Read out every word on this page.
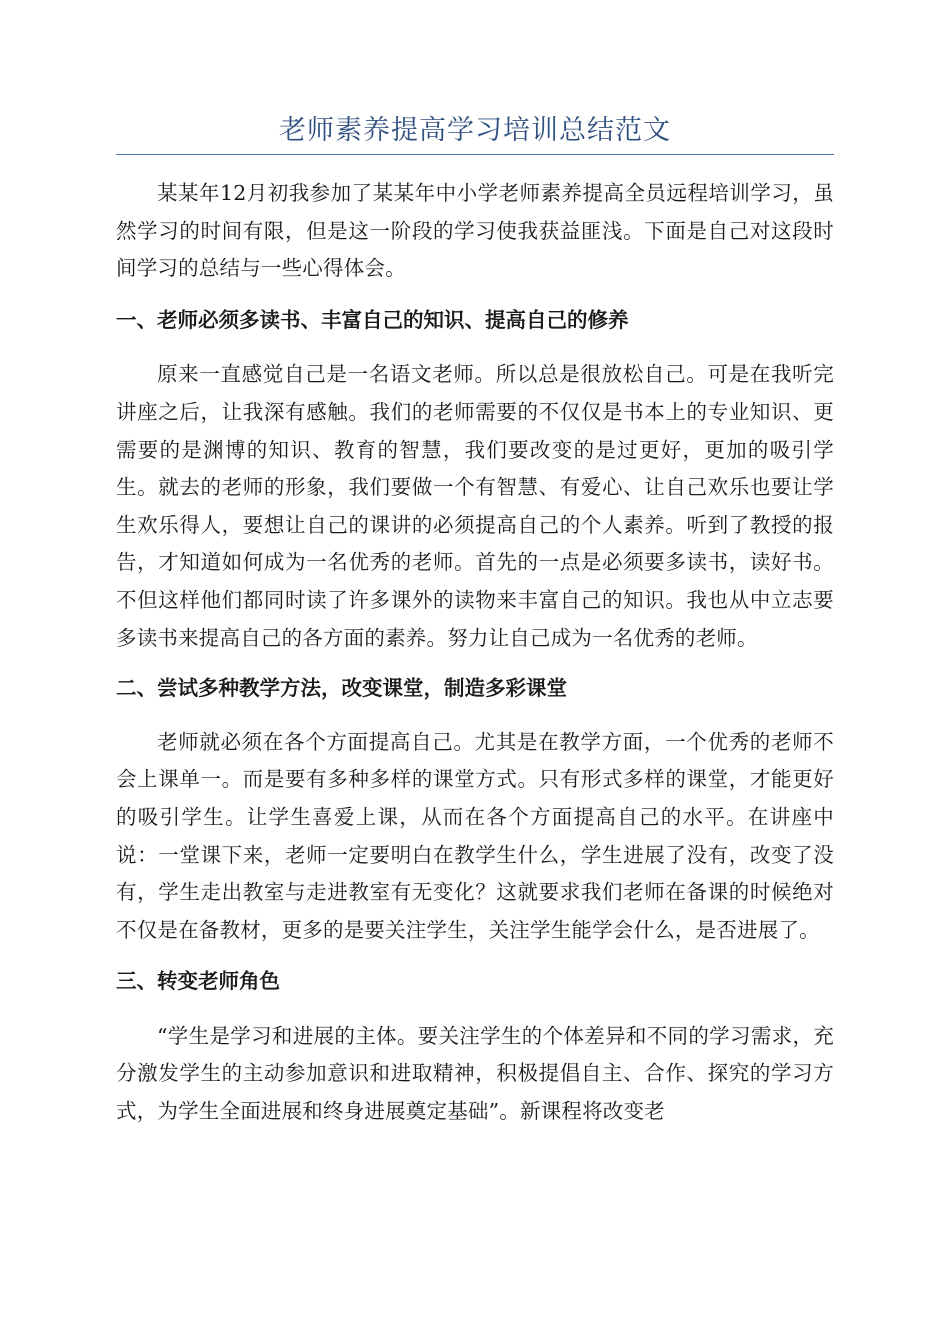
老师素养提高学习培训总结范文

某某年12月初我参加了某某年中小学老师素养提高全员远程培训学习，虽然学习的时间有限，但是这一阶段的学习使我获益匪浅。下面是自己对这段时间学习的总结与一些心得体会。

一、老师必须多读书、丰富自己的知识、提高自己的修养

原来一直感觉自己是一名语文老师。所以总是很放松自己。可是在我听完讲座之后，让我深有感触。我们的老师需要的不仅仅是书本上的专业知识、更需要的是渊博的知识、教育的智慧，我们要改变的是过更好，更加的吸引学生。就去的老师的形象，我们要做一个有智慧、有爱心、让自己欢乐也要让学生欢乐得人，要想让自己的课讲的必须提高自己的个人素养。听到了教授的报告，才知道如何成为一名优秀的老师。首先的一点是必须要多读书，读好书。不但这样他们都同时读了许多课外的读物来丰富自己的知识。我也从中立志要多读书来提高自己的各方面的素养。努力让自己成为一名优秀的老师。

二、尝试多种教学方法，改变课堂，制造多彩课堂

老师就必须在各个方面提高自己。尤其是在教学方面，一个优秀的老师不会上课单一。而是要有多种多样的课堂方式。只有形式多样的课堂，才能更好的吸引学生。让学生喜爱上课，从而在各个方面提高自己的水平。在讲座中说：一堂课下来，老师一定要明白在教学生什么，学生进展了没有，改变了没有，学生走出教室与走进教室有无变化？这就要求我们老师在备课的时候绝对不仅是在备教材，更多的是要关注学生，关注学生能学会什么，是否进展了。

三、转变老师角色

“学生是学习和进展的主体。要关注学生的个体差异和不同的学习需求，充分激发学生的主动参加意识和进取精神，积极提倡自主、合作、探究的学习方式，为学生全面进展和终身进展奠定基础”。新课程将改变老
